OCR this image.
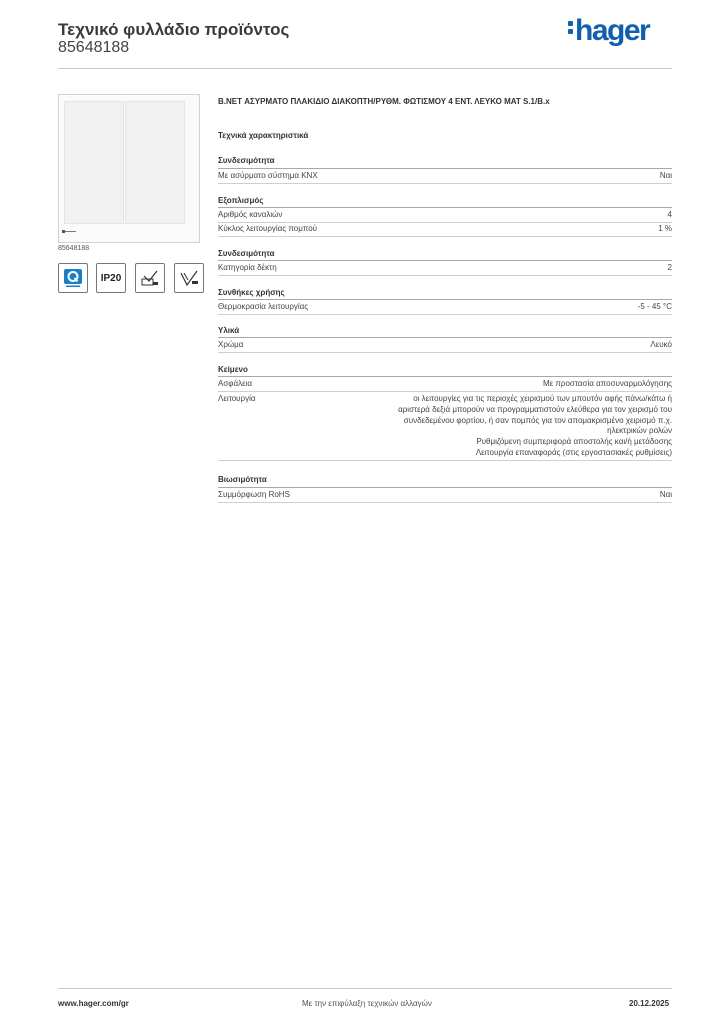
Τεχνικό φυλλάδιο προϊόντος
85648188
hager
85648188
IP20
B.NET ΑΣΥΡΜΑΤΟ ΠΛΑΚΙΔΙΟ ΔΙΑΚΟΠΤΗ/ΡΥΘΜ. ΦΩΤΙΣΜΟΥ 4 ΕΝΤ. ΛΕΥΚΟ ΜΑΤ S.1/B.x
Τεχνικά χαρακτηριστικά
Συνδεσιμότητα
Με ασύρματο σύστημα KNX	Ναι
Εξοπλισμός
Αριθμός καναλιών	4
Κύκλος λειτουργίας πομπού	1 %
Συνδεσιμότητα
Κατηγορία δέκτη	2
Συνθήκες χρήσης
Θερμοκρασία λειτουργίας	-5 - 45 °C
Υλικά
Χρώμα	Λευκό
Κείμενο
Ασφάλεια	Με προστασία αποσυναρμολόγησης
Λειτουργία	οι λειτουργίες για τις περιοχές χειρισμού των μπουτόν αφής πάνω/κάτω ή
αριστερά δεξιά μπορούν να προγραμματιστούν ελεύθερα για τον χειρισμό του
συνδεδεμένου φορτίου, ή σαν πομπός για τον απομακρισμένο χειρισμό π.χ.
ηλεκτρικών ρολών
Ρυθμιζόμενη συμπεριφορά αποστολής και/ή μετάδοσης
Λειτουργία επαναφοράς (στις εργοστασιακές ρυθμίσεις)
Βιωσιμότητα
Συμμόρφωση RoHS	Ναι
www.hager.com/gr	Με την επιφύλαξη τεχνικών αλλαγών	20.12.2025
